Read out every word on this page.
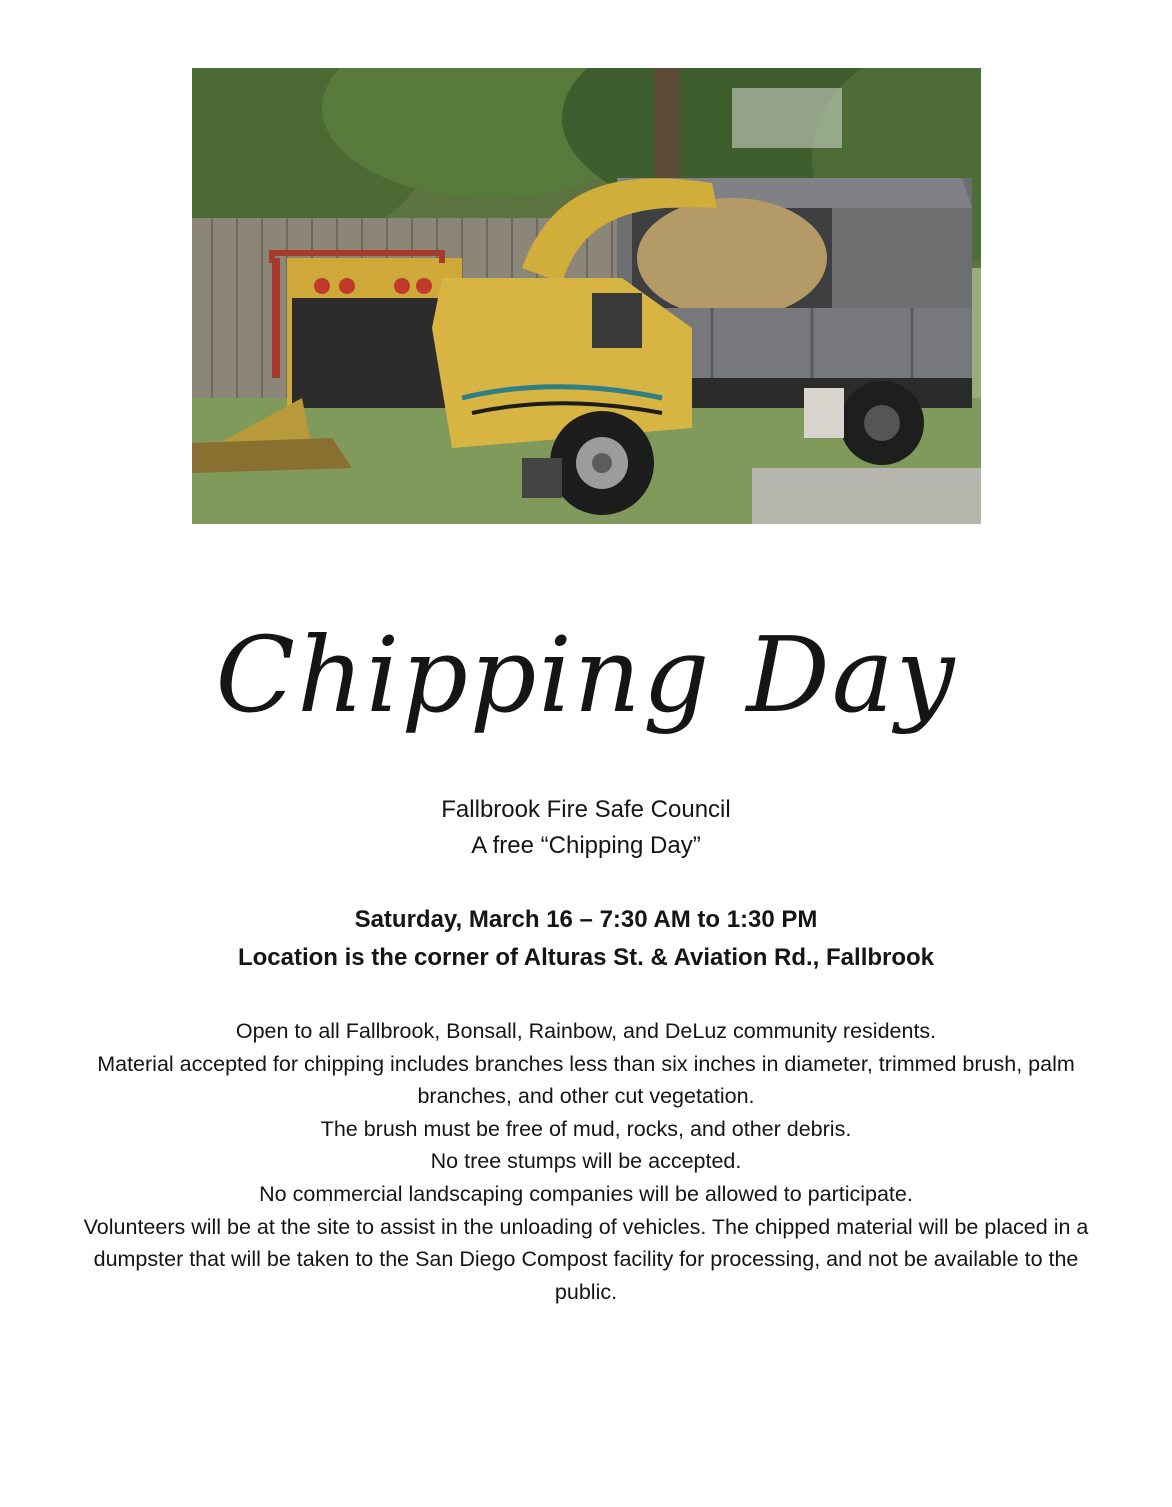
Chipping Day
Fallbrook Fire Safe Council
A free “Chipping Day”
Saturday, March 16 – 7:30 AM to 1:30 PM
Location is the corner of Alturas St. & Aviation Rd., Fallbrook

Open to all Fallbrook, Bonsall, Rainbow, and DeLuz community residents.

Material accepted for chipping includes branches less than six inches in diameter, trimmed brush, palm branches, and other cut vegetation.

The brush must be free of mud, rocks, and other debris.

No tree stumps will be accepted.

No commercial landscaping companies will be allowed to participate.

Volunteers will be at the site to assist in the unloading of vehicles. The chipped material will be placed in a dumpster that will be taken to the San Diego Compost facility for processing, and not be available to the public.
